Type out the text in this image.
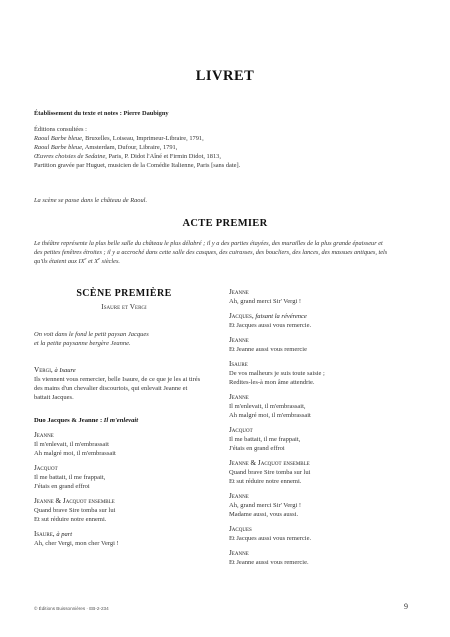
LIVRET
Établissement du texte et notes : Pierre Daubigny
Éditions consultées :
Raoul Barbe bleue, Bruxelles, Loiseau, Imprimeur-Libraire, 1791,
Raoul Barbe bleue, Amsterdam, Dufour, Libraire, 1791,
Œuvres choisies de Sedaine, Paris, P. Didot l'Aîné et Firmin Didot, 1813,
Partition gravée par Huguet, musicien de la Comédie Italienne, Paris [sans date].
La scène se passe dans le château de Raoul.
ACTE PREMIER
Le théâtre représente la plus belle salle du château le plus délabré ; il y a des parties étayées, des murailles de la plus grande épaisseur et
des petites fenêtres étroites ; il y a accroché dans cette salle des casques, des cuirasses, des boucliers, des lances, des massues antiques, tels
qu'ils étaient aux IXe et Xe siècles.
SCÈNE PREMIÈRE
Isaure et Vergi
On voit dans le fond le petit paysan Jacques
et la petite paysanne bergère Jeanne.
Vergi, à Isaure
Ils viennent vous remercier, belle Isaure, de ce que je les ai tirés
des mains d'un chevalier discourtois, qui enlevait Jeanne et
battait Jacques.
Duo Jacques & Jeanne : Il m'enlevait
Jeanne
Il m'enlevait, il m'embrassait
Ah malgré moi, il m'embrassait
Jacquot
Il me battait, il me frappait,
J'étais en grand effroi
Jeanne & Jacquot ensemble
Quand brave Sire tomba sur lui
Et sut réduire notre ennemi.
Isaure, à part
Ah, cher Vergi, mon cher Vergi !
Jeanne
Ah, grand merci Sir' Vergi !
Jacques, faisant la révérence
Et Jacques aussi vous remercie.
Jeanne
Et Jeanne aussi vous remercie
Isaure
De vos malheurs je suis toute saisie ;
Redites-les-à mon âme attendrie.
Jeanne
Il m'enlevait, il m'embrassait,
Ah malgré moi, il m'embrassait
Jacquot
Il me battait, il me frappait,
J'étais en grand effroi
Jeanne & Jacquot ensemble
Quand brave Sire tomba sur lui
Et sut réduire notre ennemi.
Jeanne
Ah, grand merci Sir' Vergi !
Madame aussi, vous aussi.
Jacques
Et Jacques aussi vous remercie.
Jeanne
Et Jeanne aussi vous remercie.
© Éditions Buissonnières · EB-2-234	9
